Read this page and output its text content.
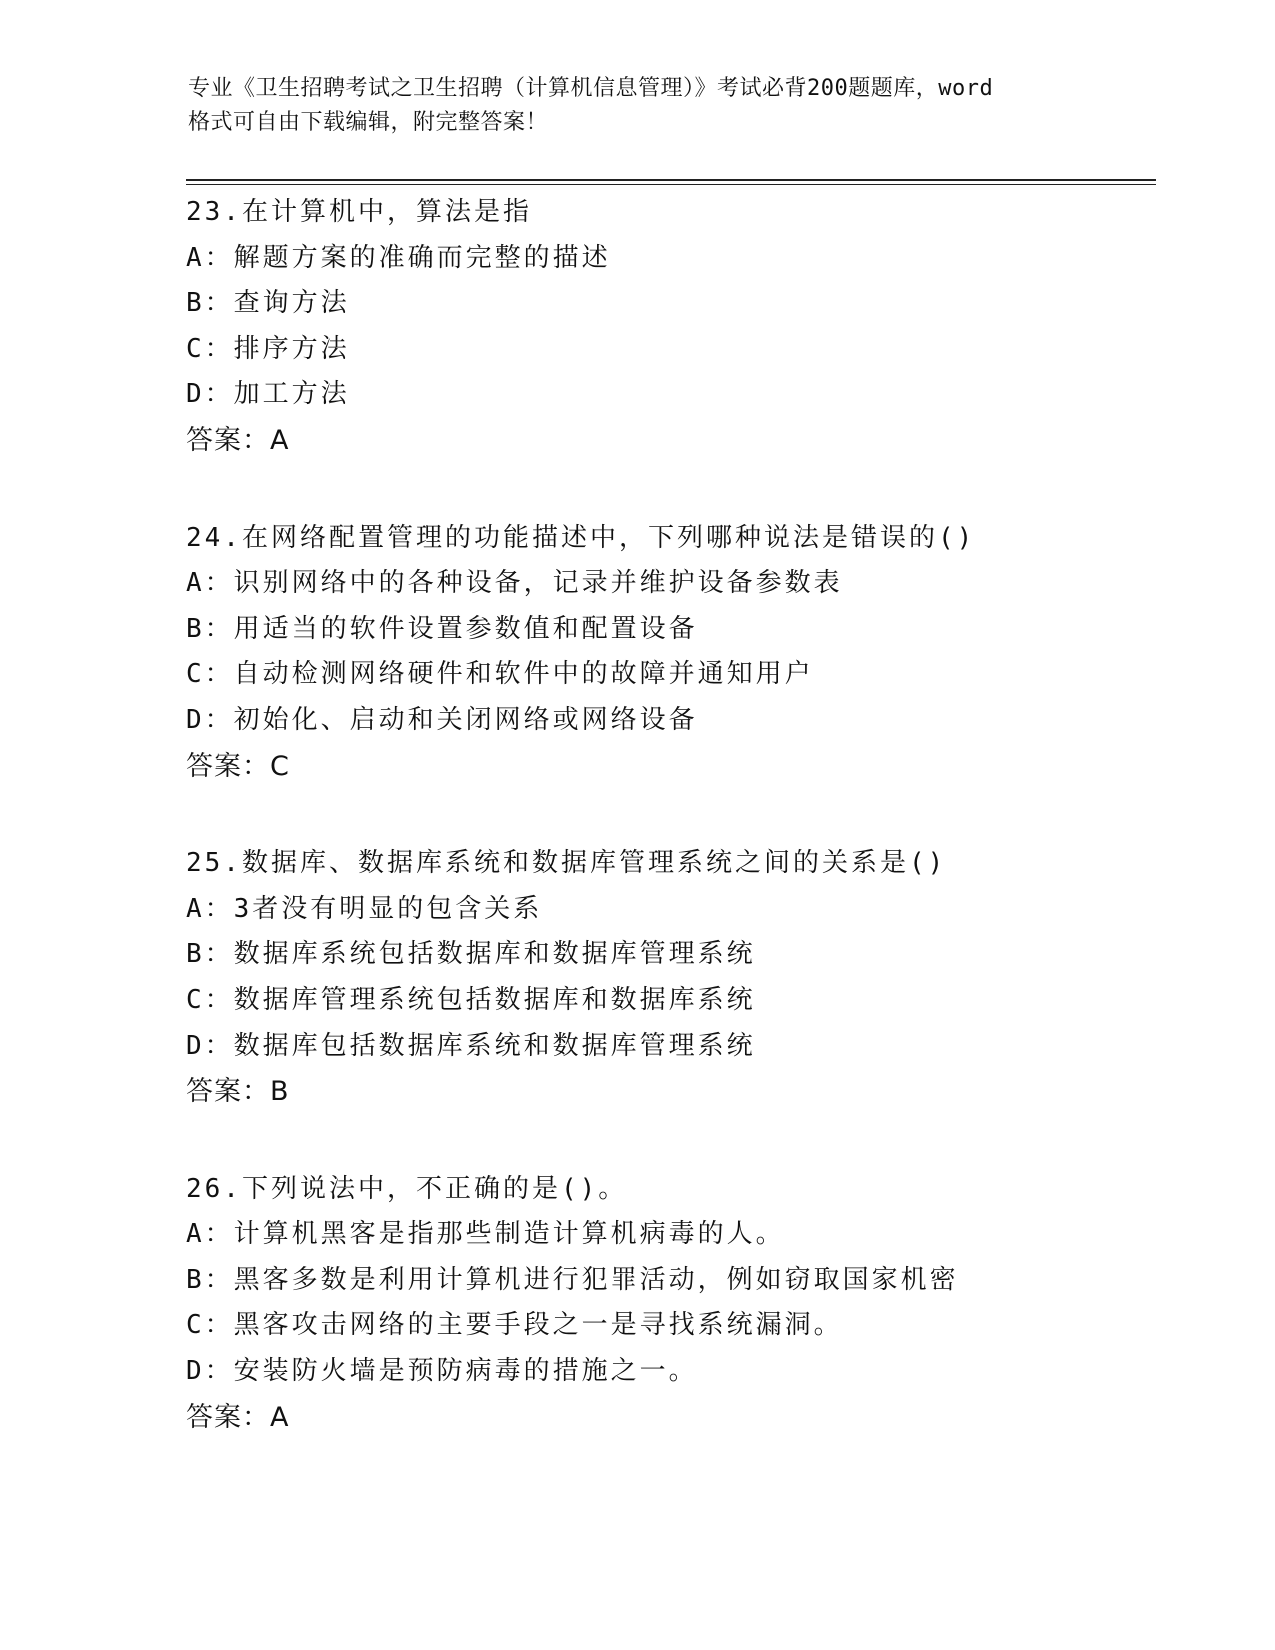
专业《卫生招聘考试之卫生招聘（计算机信息管理）》考试必背200题题库，word
格式可自由下载编辑，附完整答案！
23.在计算机中，算法是指
A：解题方案的准确而完整的描述
B：查询方法
C：排序方法
D：加工方法
答案：A
24.在网络配置管理的功能描述中，下列哪种说法是错误的()
A：识别网络中的各种设备，记录并维护设备参数表
B：用适当的软件设置参数值和配置设备
C：自动检测网络硬件和软件中的故障并通知用户
D：初始化、启动和关闭网络或网络设备
答案：C
25.数据库、数据库系统和数据库管理系统之间的关系是()
A：3者没有明显的包含关系
B：数据库系统包括数据库和数据库管理系统
C：数据库管理系统包括数据库和数据库系统
D：数据库包括数据库系统和数据库管理系统
答案：B
26.下列说法中，不正确的是()。
A：计算机黑客是指那些制造计算机病毒的人。
B：黑客多数是利用计算机进行犯罪活动，例如窃取国家机密
C：黑客攻击网络的主要手段之一是寻找系统漏洞。
D：安装防火墙是预防病毒的措施之一。
答案：A
